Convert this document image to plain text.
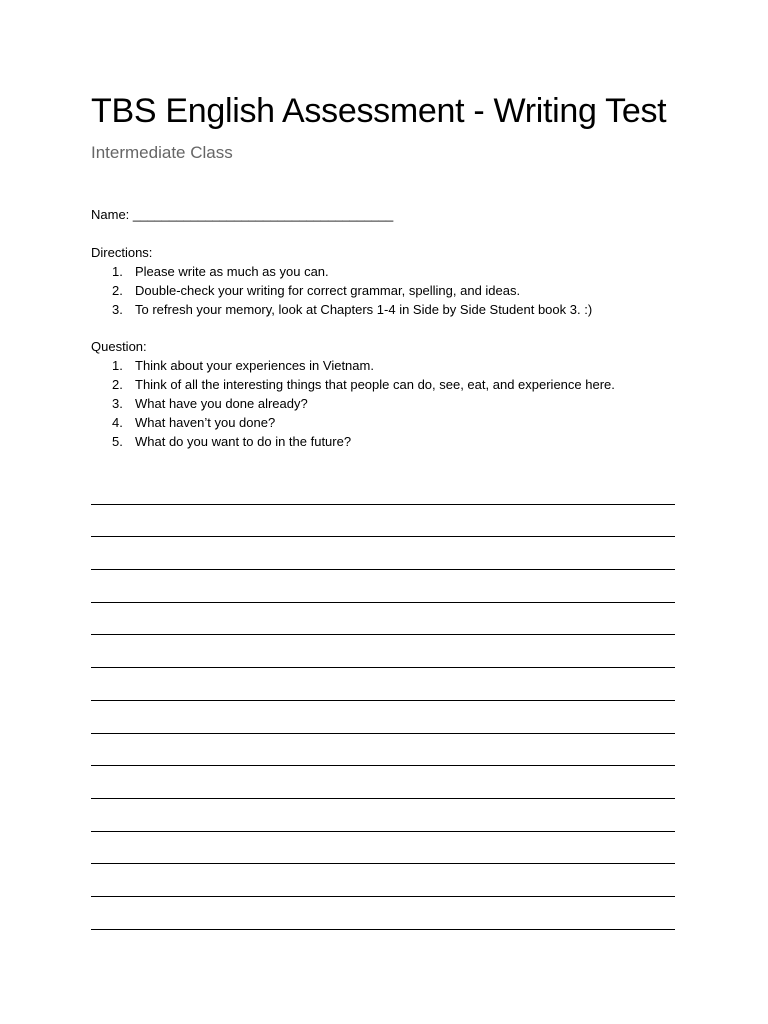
TBS English Assessment - Writing Test
Intermediate Class
Name: ____________________________________
Directions:
1. Please write as much as you can.
2. Double-check your writing for correct grammar, spelling, and ideas.
3. To refresh your memory, look at Chapters 1-4 in Side by Side Student book 3. :)
Question:
1. Think about your experiences in Vietnam.
2. Think of all the interesting things that people can do, see, eat, and experience here.
3. What have you done already?
4. What haven’t you done?
5. What do you want to do in the future?
